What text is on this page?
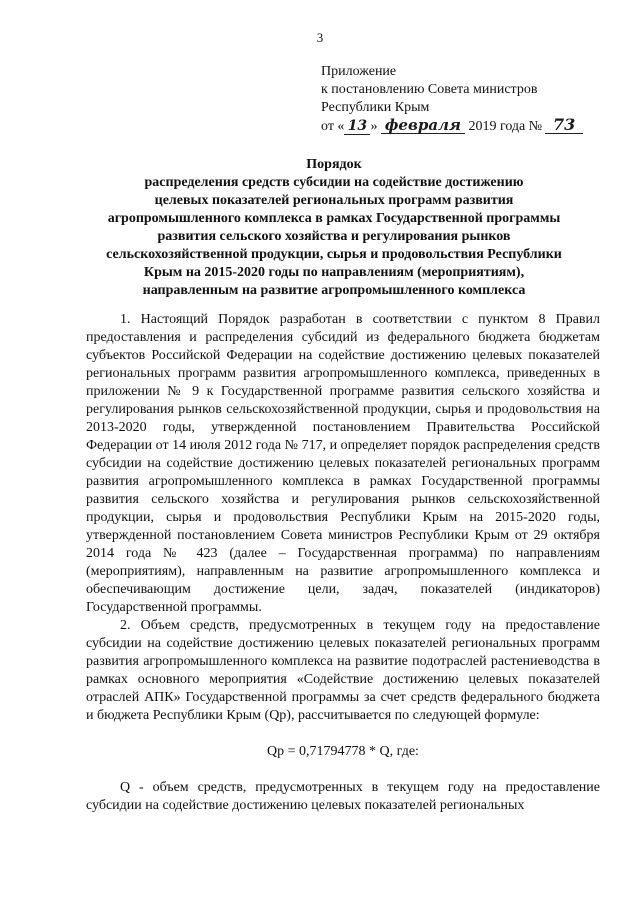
3
Приложение
к постановлению Совета министров
Республики Крым
от « 13 » февраля 2019 года № 73
Порядок
распределения средств субсидии на содействие достижению
целевых показателей региональных программ развития
агропромышленного комплекса в рамках Государственной программы
развития сельского хозяйства и регулирования рынков
сельскохозяйственной продукции, сырья и продовольствия Республики
Крым на 2015-2020 годы по направлениям (мероприятиям),
направленным на развитие агропромышленного комплекса

1. Настоящий Порядок разработан в соответствии с пунктом 8 Правил предоставления и распределения субсидий из федерального бюджета бюджетам субъектов Российской Федерации на содействие достижению целевых показателей региональных программ развития агропромышленного комплекса, приведенных в приложении № 9 к Государственной программе развития сельского хозяйства и регулирования рынков сельскохозяйственной продукции, сырья и продовольствия на 2013-2020 годы, утвержденной постановлением Правительства Российской Федерации от 14 июля 2012 года № 717, и определяет порядок распределения средств субсидии на содействие достижению целевых показателей региональных программ развития агропромышленного комплекса в рамках Государственной программы развития сельского хозяйства и регулирования рынков сельскохозяйственной продукции, сырья и продовольствия Республики Крым на 2015-2020 годы, утвержденной постановлением Совета министров Республики Крым от 29 октября 2014 года № 423 (далее – Государственная программа) по направлениям (мероприятиям), направленным на развитие агропромышленного комплекса и обеспечивающим достижение цели, задач, показателей (индикаторов) Государственной программы.

2. Объем средств, предусмотренных в текущем году на предоставление субсидии на содействие достижению целевых показателей региональных программ развития агропромышленного комплекса на развитие подотраслей растениеводства в рамках основного мероприятия «Содействие достижению целевых показателей отраслей АПК» Государственной программы за счет средств федерального бюджета и бюджета Республики Крым (Qр), рассчитывается по следующей формуле:

Qр = 0,71794778 * Q, где:

Q - объем средств, предусмотренных в текущем году на предоставление субсидии на содействие достижению целевых показателей региональных
